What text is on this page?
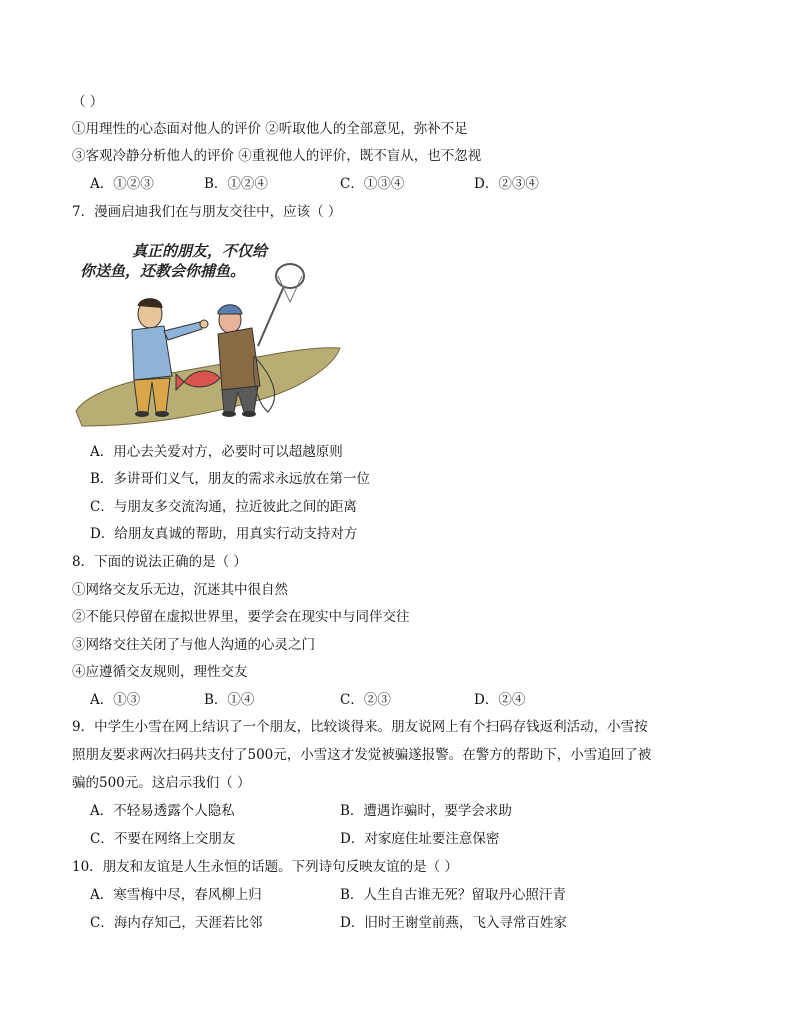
（ ）
①用理性的心态面对他人的评价 ②听取他人的全部意见，弥补不足
③客观冷静分析他人的评价 ④重视他人的评价，既不盲从，也不忽视
A．①②③	B．①②④	C．①③④	D．②③④
7．漫画启迪我们在与朋友交往中，应该（ ）
真正的朋友，不仅给
你送鱼，还教会你捕鱼。
A．用心去关爱对方，必要时可以超越原则
B．多讲哥们义气，朋友的需求永远放在第一位
C．与朋友多交流沟通，拉近彼此之间的距离
D．给朋友真诚的帮助，用真实行动支持对方
8．下面的说法正确的是（ ）
①网络交友乐无边，沉迷其中很自然
②不能只停留在虚拟世界里，要学会在现实中与同伴交往
③网络交往关闭了与他人沟通的心灵之门
④应遵循交友规则，理性交友
A．①③	B．①④	C．②③	D．②④
9．中学生小雪在网上结识了一个朋友，比较谈得来。朋友说网上有个扫码存钱返利活动，小雪按
照朋友要求两次扫码共支付了500元，小雪这才发觉被骗遂报警。在警方的帮助下，小雪追回了被
骗的500元。这启示我们（ ）
A．不轻易透露个人隐私	B．遭遇诈骗时，要学会求助
C．不要在网络上交朋友	D．对家庭住址要注意保密
10．朋友和友谊是人生永恒的话题。下列诗句反映友谊的是（ ）
A．寒雪梅中尽，春风柳上归	B．人生自古谁无死？留取丹心照汗青
C．海内存知己，天涯若比邻	D．旧时王谢堂前燕，飞入寻常百姓家
